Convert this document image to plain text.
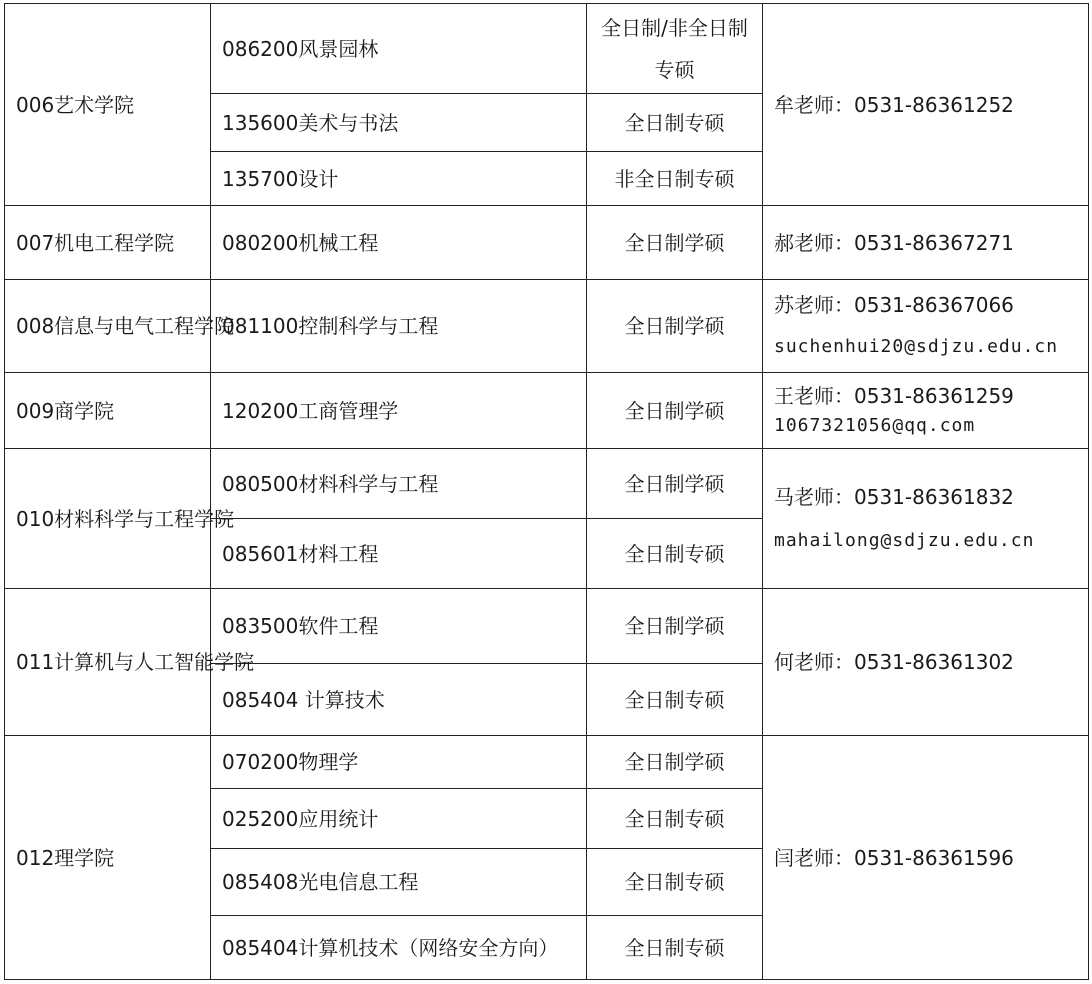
006艺术学院	086200风景园林	全日制/非全日制专硕	牟老师：0531-86361252

	135600美术与书法	全日制专硕	
	135700设计	非全日制专硕	
007机电工程学院	080200机械工程	全日制学硕	郝老师：0531-86367271

008信息与电气工程学院	081100控制科学与工程	全日制学硕	苏老师：0531-86367066
suchenhui20@sdjzu.edu.cn

009商学院	120200工商管理学	全日制学硕	王老师：0531-86361259
1067321056@qq.com

010材料科学与工程学院	080500材料科学与工程	全日制学硕	马老师：0531-86361832
mahailong@sdjzu.edu.cn

	085601材料工程	全日制专硕	
011计算机与人工智能学院	083500软件工程	全日制学硕	何老师：0531-86361302

	085404 计算技术	全日制专硕	
012理学院	070200物理学	全日制学硕	闫老师：0531-86361596

	025200应用统计	全日制专硕	
	085408光电信息工程	全日制专硕	
	085404计算机技术（网络安全方向）	全日制专硕	
